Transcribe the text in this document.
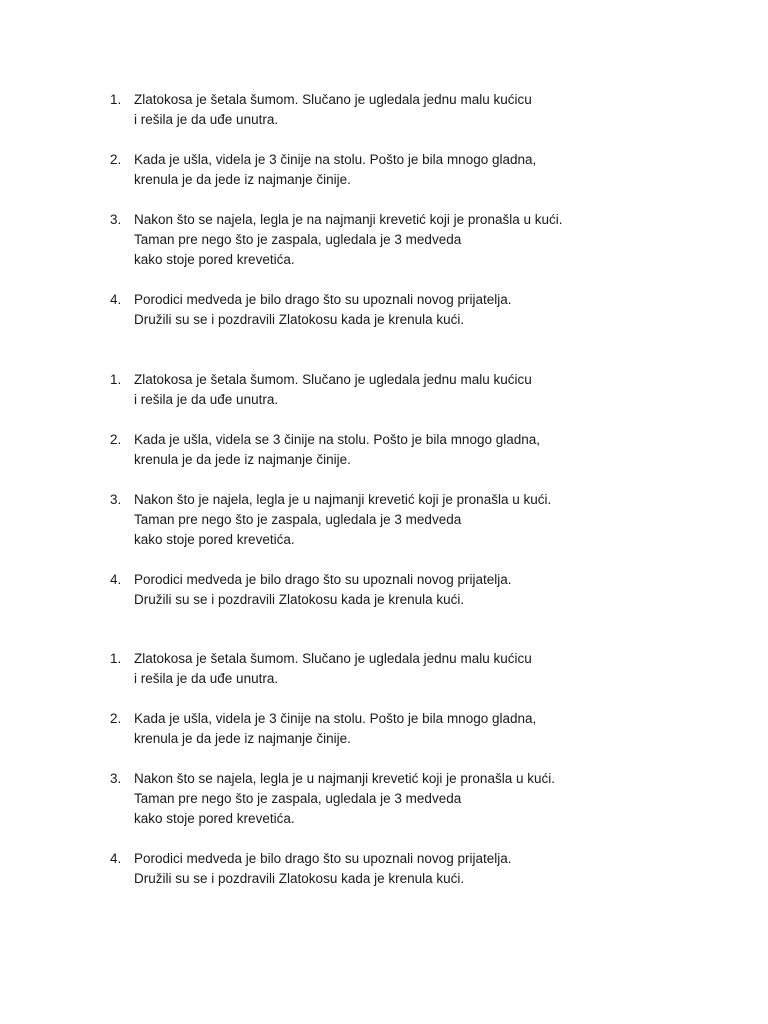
1. Zlatokosa je šetala šumom. Slučano je ugledala jednu malu kućicu
i rešila je da uđe unutra.
2. Kada je ušla, videla je 3 činije na stolu. Pošto je bila mnogo gladna,
krenula je da jede iz najmanje činije.
3. Nakon što se najela, legla je na najmanji krevetić koji je pronašla u kući.
Taman pre nego što je zaspala, ugledala je 3 medveda
kako stoje pored krevetića.
4. Porodici medveda je bilo drago što su upoznali novog prijatelja.
Družili su se i pozdravili Zlatokosu kada je krenula kući.
1. Zlatokosa je šetala šumom. Slučano je ugledala jednu malu kućicu
i rešila je da uđe unutra.
2. Kada je ušla, videla se 3 činije na stolu. Pošto je bila mnogo gladna,
krenula je da jede iz najmanje činije.
3. Nakon što je najela, legla je u najmanji krevetić koji je pronašla u kući.
Taman pre nego što je zaspala, ugledala je 3 medveda
kako stoje pored krevetića.
4. Porodici medveda je bilo drago što su upoznali novog prijatelja.
Družili su se i pozdravili Zlatokosu kada je krenula kući.
1. Zlatokosa je šetala šumom. Slučano je ugledala jednu malu kućicu
i rešila je da uđe unutra.
2. Kada je ušla, videla je 3 činije na stolu. Pošto je bila mnogo gladna,
krenula je da jede iz najmanje činije.
3. Nakon što se najela, legla je u najmanji krevetić koji je pronašla u kući.
Taman pre nego što je zaspala, ugledala je 3 medveda
kako stoje pored krevetića.
4. Porodici medveda je bilo drago što su upoznali novog prijatelja.
Družili su se i pozdravili Zlatokosu kada je krenula kući.
